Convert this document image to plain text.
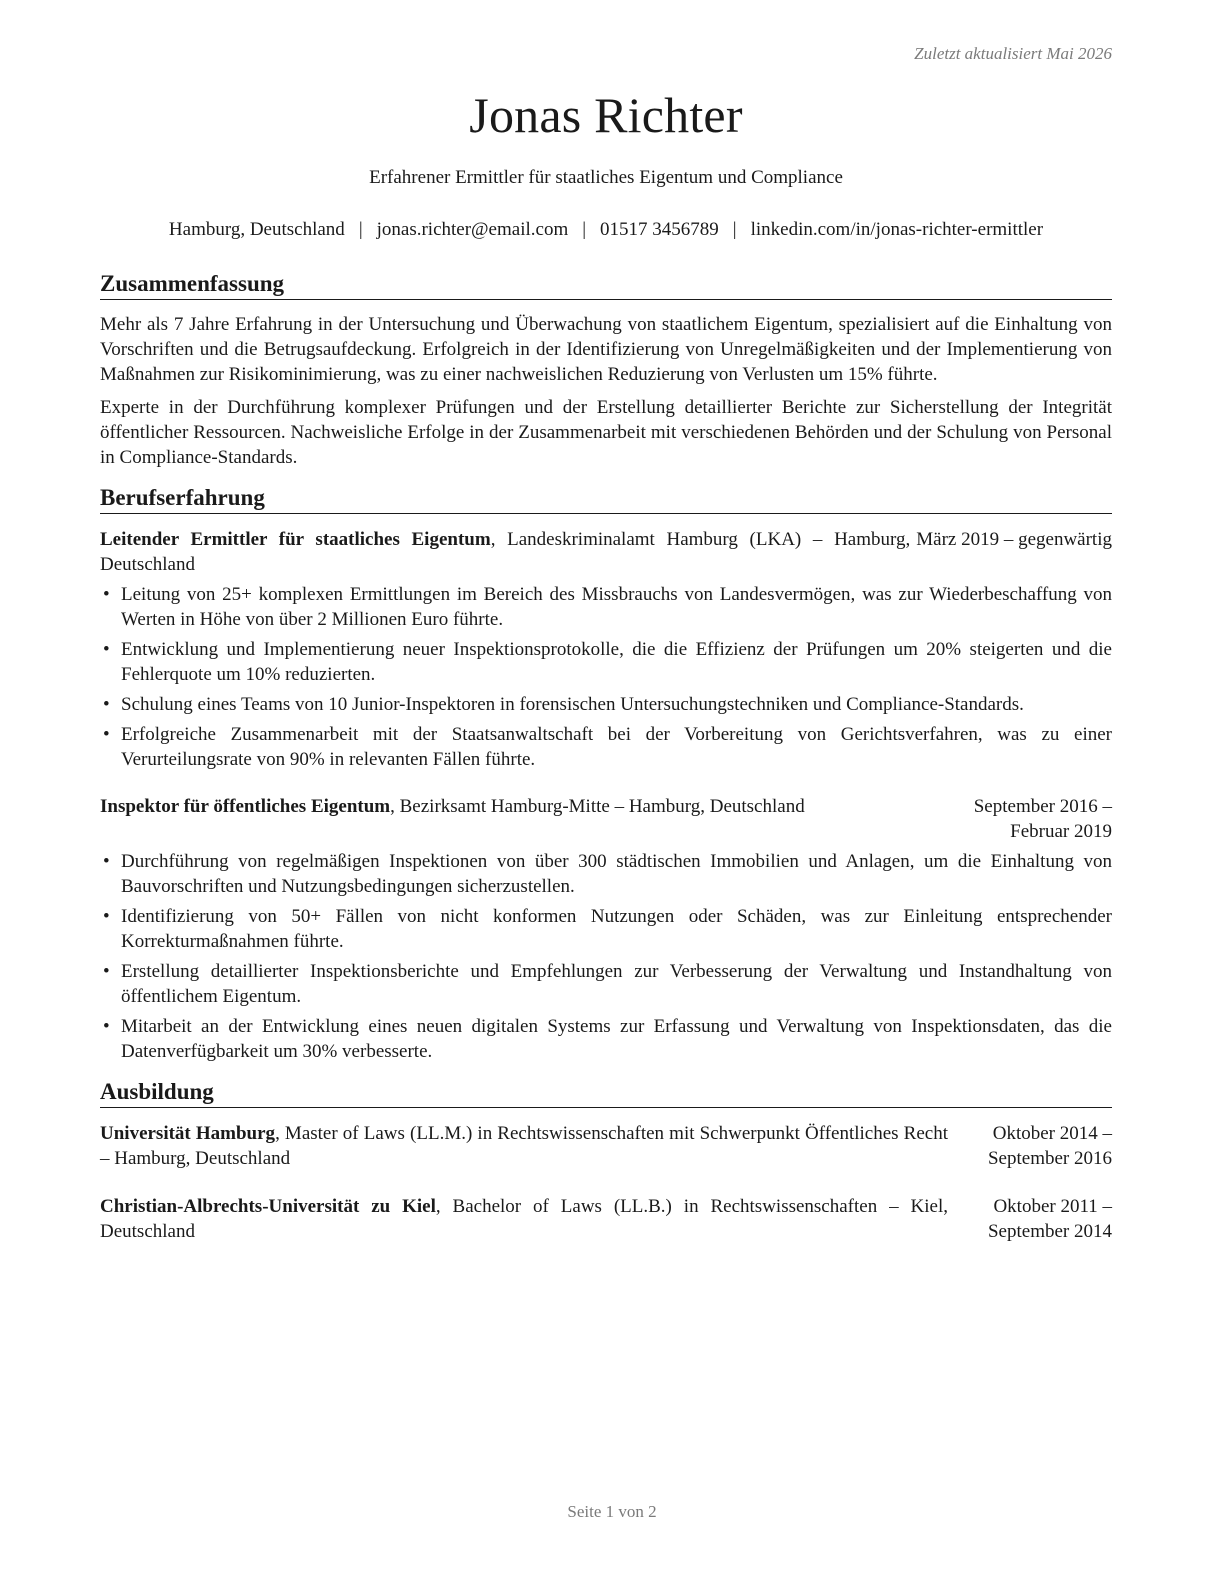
Zuletzt aktualisiert Mai 2026
Jonas Richter
Erfahrener Ermittler für staatliches Eigentum und Compliance
Hamburg, Deutschland | jonas.richter@email.com | 01517 3456789 | linkedin.com/in/jonas-richter-ermittler
Zusammenfassung

Mehr als 7 Jahre Erfahrung in der Untersuchung und Überwachung von staatlichem Eigentum, spezialisiert auf die Einhaltung von Vorschriften und die Betrugsaufdeckung. Erfolgreich in der Identifizierung von Unregelmäßigkeiten und der Implementierung von Maßnahmen zur Risikominimierung, was zu einer nachweislichen Reduzierung von Verlusten um 15% führte.

Experte in der Durchführung komplexer Prüfungen und der Erstellung detaillierter Berichte zur Sicherstellung der Integrität öffentlicher Ressourcen. Nachweisliche Erfolge in der Zusammenarbeit mit verschiedenen Behörden und der Schulung von Personal in Compliance-Standards.

Berufserfahrung
Leitender Ermittler für staatliches Eigentum, Landeskriminalamt Hamburg (LKA) – Hamburg, Deutschland
März 2019 – gegenwärtig
• Leitung von 25+ komplexen Ermittlungen im Bereich des Missbrauchs von Landesvermögen, was zur Wiederbeschaffung von Werten in Höhe von über 2 Millionen Euro führte.
• Entwicklung und Implementierung neuer Inspektionsprotokolle, die die Effizienz der Prüfungen um 20% steigerten und die Fehlerquote um 10% reduzierten.
• Schulung eines Teams von 10 Junior-Inspektoren in forensischen Untersuchungstechniken und Compliance-Standards.
• Erfolgreiche Zusammenarbeit mit der Staatsanwaltschaft bei der Vorbereitung von Gerichtsverfahren, was zu einer Verurteilungsrate von 90% in relevanten Fällen führte.
Inspektor für öffentliches Eigentum, Bezirksamt Hamburg-Mitte – Hamburg, Deutschland	September 2016 – Februar 2019
• Durchführung von regelmäßigen Inspektionen von über 300 städtischen Immobilien und Anlagen, um die Einhaltung von Bauvorschriften und Nutzungsbedingungen sicherzustellen.
• Identifizierung von 50+ Fällen von nicht konformen Nutzungen oder Schäden, was zur Einleitung entsprechender Korrekturmaßnahmen führte.
• Erstellung detaillierter Inspektionsberichte und Empfehlungen zur Verbesserung der Verwaltung und Instandhaltung von öffentlichem Eigentum.
• Mitarbeit an der Entwicklung eines neuen digitalen Systems zur Erfassung und Verwaltung von Inspektionsdaten, das die Datenverfügbarkeit um 30% verbesserte.
Ausbildung
Universität Hamburg, Master of Laws (LL.M.) in Rechtswissenschaften mit Schwerpunkt Öffentliches Recht – Hamburg, Deutschland
Oktober 2014 – September 2016
Christian-Albrechts-Universität zu Kiel, Bachelor of Laws (LL.B.) in Rechtswissenschaften – Kiel, Deutschland
Oktober 2011 – September 2014
Seite 1 von 2
